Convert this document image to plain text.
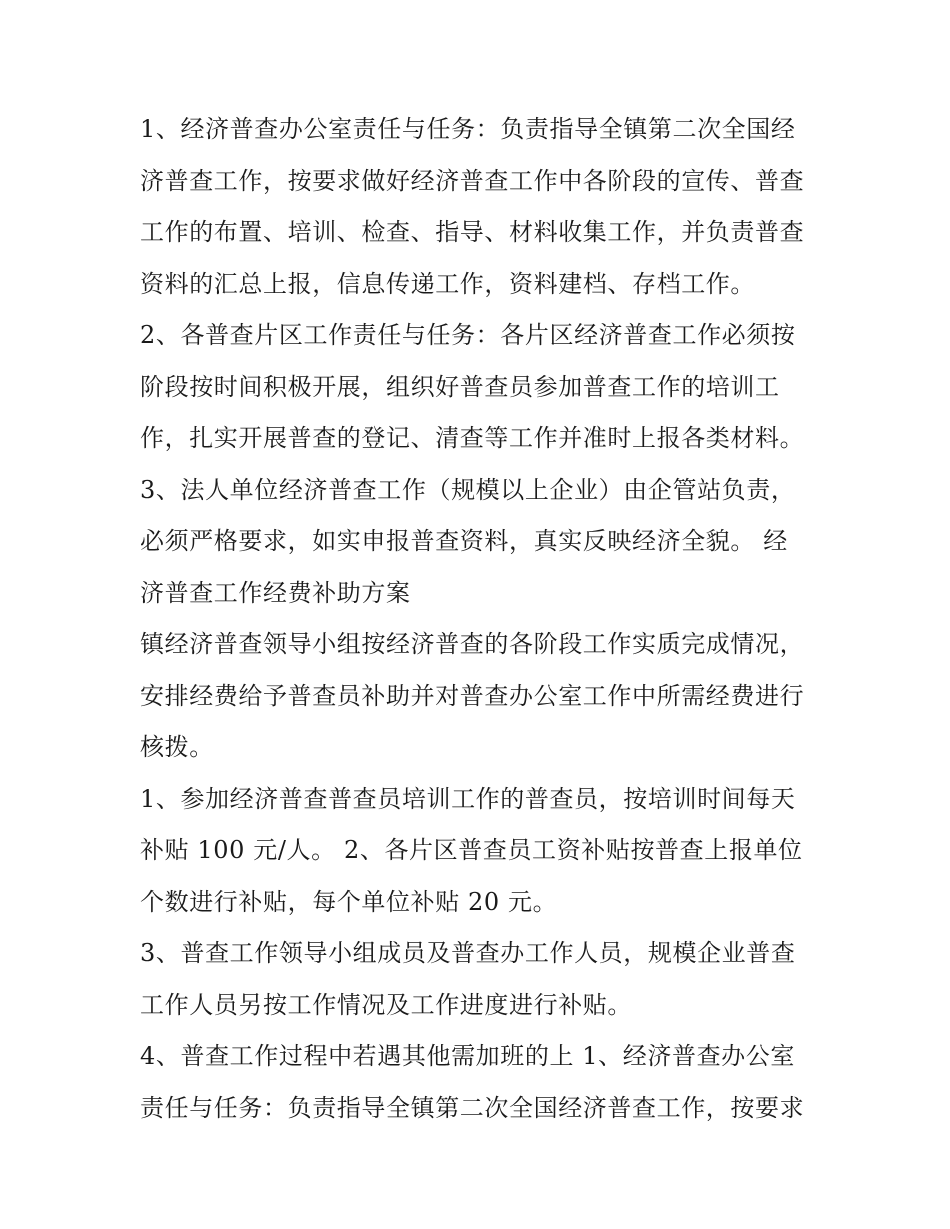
1、经济普查办公室责任与任务：负责指导全镇第二次全国经
济普查工作，按要求做好经济普查工作中各阶段的宣传、普查
工作的布置、培训、检查、指导、材料收集工作，并负责普查
资料的汇总上报，信息传递工作，资料建档、存档工作。
2、各普查片区工作责任与任务：各片区经济普查工作必须按
阶段按时间积极开展，组织好普查员参加普查工作的培训工
作，扎实开展普查的登记、清查等工作并准时上报各类材料。
3、法人单位经济普查工作（规模以上企业）由企管站负责，
必须严格要求，如实申报普查资料，真实反映经济全貌。 经
济普查工作经费补助方案
镇经济普查领导小组按经济普查的各阶段工作实质完成情况，
安排经费给予普查员补助并对普查办公室工作中所需经费进行
核拨。
1、参加经济普查普查员培训工作的普查员，按培训时间每天
补贴 100 元/人。 2、各片区普查员工资补贴按普查上报单位
个数进行补贴，每个单位补贴 20 元。
3、普查工作领导小组成员及普查办工作人员，规模企业普查
工作人员另按工作情况及工作进度进行补贴。
4、普查工作过程中若遇其他需加班的上 1、经济普查办公室
责任与任务：负责指导全镇第二次全国经济普查工作，按要求
